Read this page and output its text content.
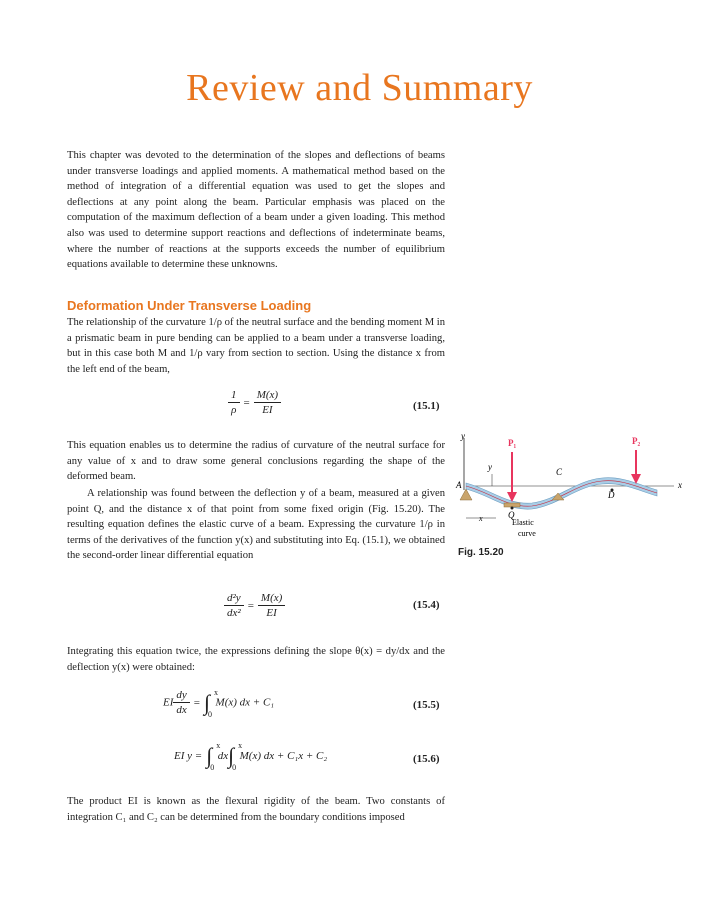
Review and Summary

This chapter was devoted to the determination of the slopes and deflections of beams under transverse loadings and applied moments. A mathematical method based on the method of integration of a differential equation was used to get the slopes and deflections at any point along the beam. Particular emphasis was placed on the computation of the maximum deflection of a beam under a given loading. This method also was used to determine support reactions and deflections of indeterminate beams, where the number of reactions at the supports exceeds the number of equilibrium equations available to determine these unknowns.

Deformation Under Transverse Loading

The relationship of the curvature 1/ρ of the neutral surface and the bending moment M in a prismatic beam in pure bending can be applied to a beam under a transverse loading, but in this case both M and 1/ρ vary from section to section. Using the distance x from the left end of the beam,

$\frac{1}{\rho} = \frac{M(x)}{EI}$	(15.1)

This equation enables us to determine the radius of curvature of the neutral surface for any value of x and to draw some general conclusions regarding the shape of the deformed beam.

A relationship was found between the deflection y of a beam, measured at a given point Q, and the distance x of that point from some fixed origin (Fig. 15.20). The resulting equation defines the elastic curve of a beam. Expressing the curvature 1/ρ in terms of the derivatives of the function y(x) and substituting into Eq. (15.1), we obtained the second-order linear differential equation

$\frac{\text{d²y}}{\text{dx²}} = \frac{M(x)}{EI}$	(15.4)

Integrating this equation twice, the expressions defining the slope θ(x) = dy/dx and the deflection y(x) were obtained:

EI $\frac{dy}{dx}$ = ∫ x
0
M(x) dx + C₁	(15.5)
EI y = ∫ x
0
dx∫ x
0
M(x) dx + C₁x + C₂	(15.6)

The product EI is known as the flexural rigidity of the beam. Two constants of integration C₁ and C₂ can be determined from the boundary conditions imposed

y
x
P₁	P₂
y
x
A
Q
C
D
Elastic
curve
Fig. 15.20
